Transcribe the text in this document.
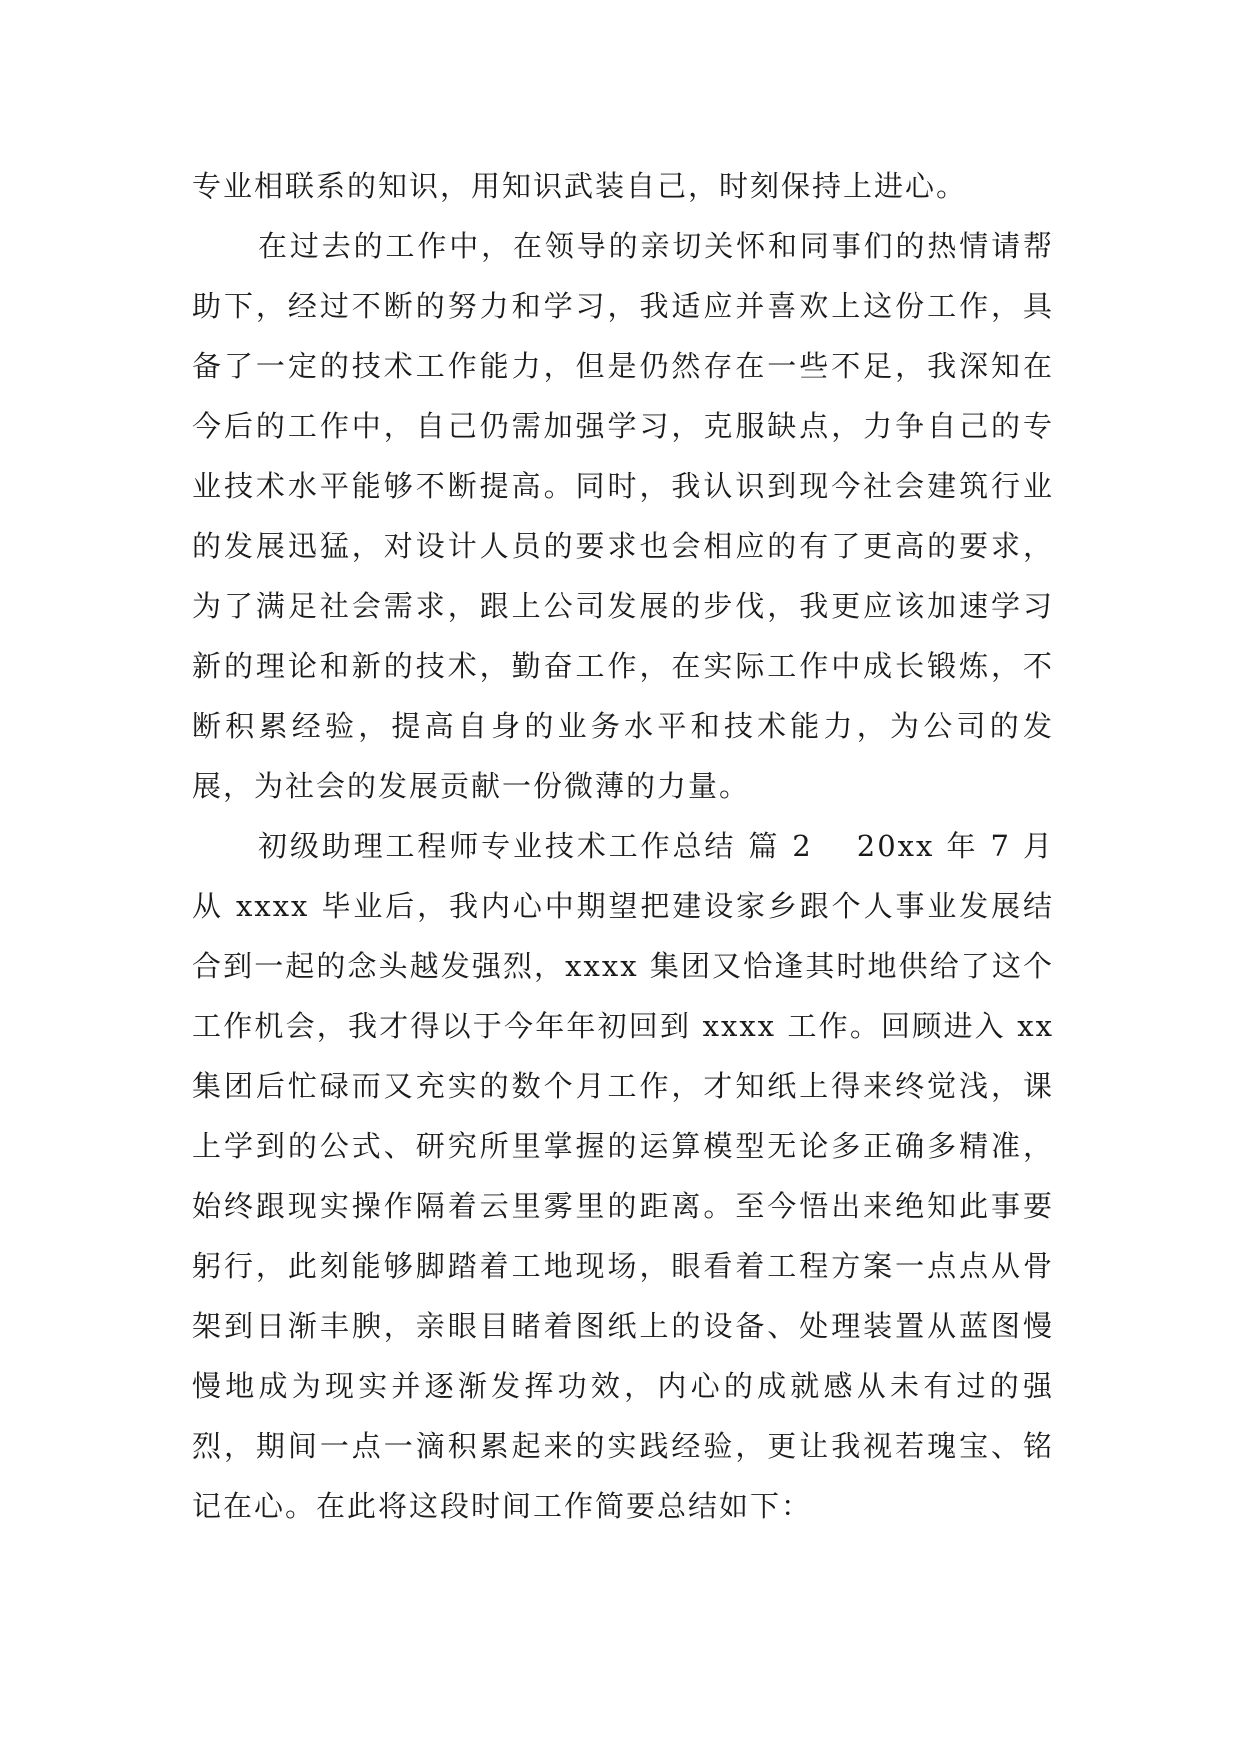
专业相联系的知识，用知识武装自己，时刻保持上进心。

在过去的工作中，在领导的亲切关怀和同事们的热情请帮助下，经过不断的努力和学习，我适应并喜欢上这份工作，具备了一定的技术工作能力，但是仍然存在一些不足，我深知在今后的工作中，自己仍需加强学习，克服缺点，力争自己的专业技术水平能够不断提高。同时，我认识到现今社会建筑行业的发展迅猛，对设计人员的要求也会相应的有了更高的要求，为了满足社会需求，跟上公司发展的步伐，我更应该加速学习新的理论和新的技术，勤奋工作，在实际工作中成长锻炼，不断积累经验，提高自身的业务水平和技术能力，为公司的发展，为社会的发展贡献一份微薄的力量。

初级助理工程师专业技术工作总结 篇 2 20xx 年 7 月从 xxxx 毕业后，我内心中期望把建设家乡跟个人事业发展结合到一起的念头越发强烈，xxxx 集团又恰逢其时地供给了这个工作机会，我才得以于今年年初回到 xxxx 工作。回顾进入 xx 集团后忙碌而又充实的数个月工作，才知纸上得来终觉浅，课上学到的公式、研究所里掌握的运算模型无论多正确多精准，始终跟现实操作隔着云里雾里的距离。至今悟出来绝知此事要躬行，此刻能够脚踏着工地现场，眼看着工程方案一点点从骨架到日渐丰腴，亲眼目睹着图纸上的设备、处理装置从蓝图慢慢地成为现实并逐渐发挥功效，内心的成就感从未有过的强烈，期间一点一滴积累起来的实践经验，更让我视若瑰宝、铭记在心。在此将这段时间工作简要总结如下：
